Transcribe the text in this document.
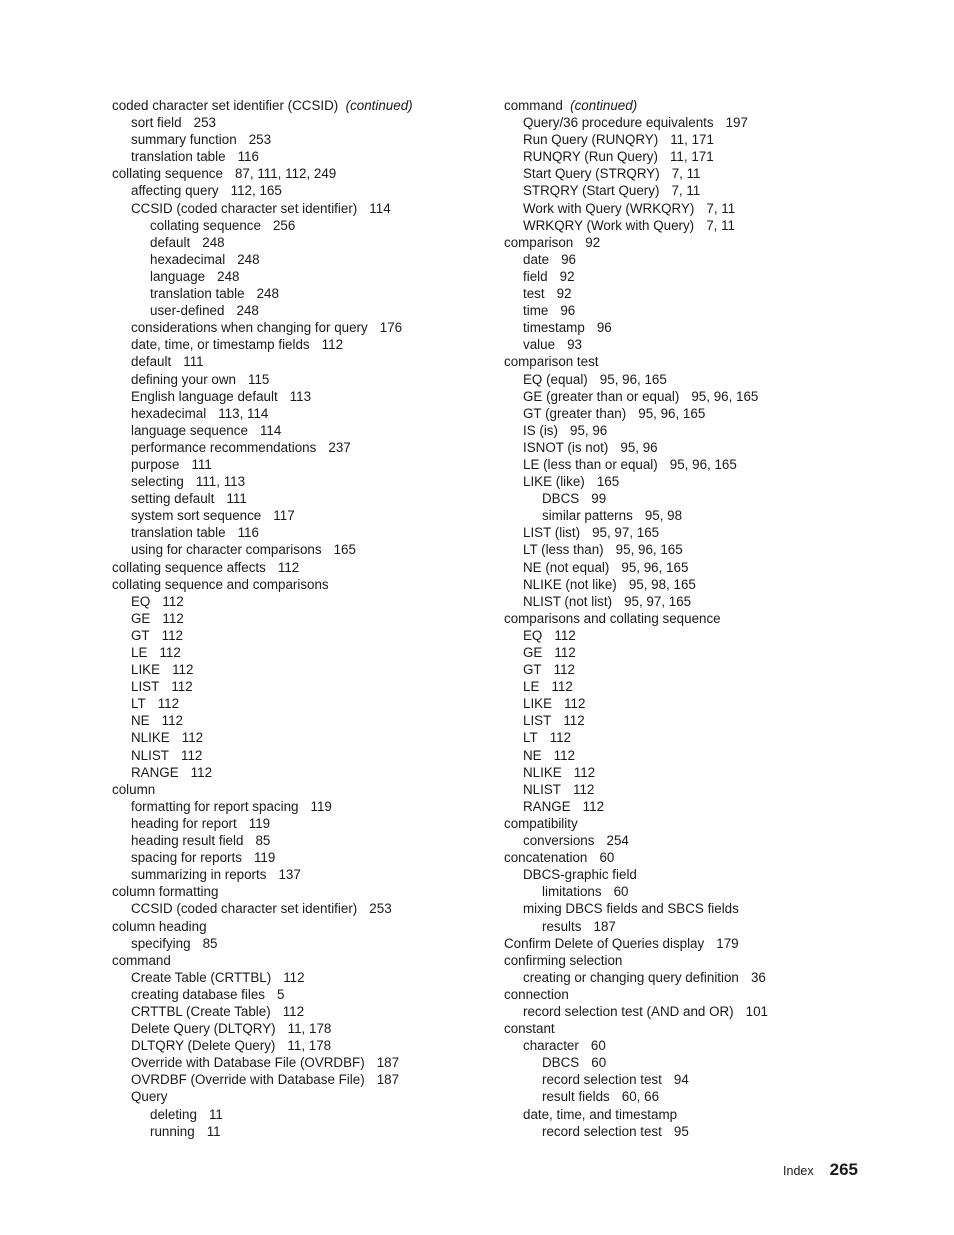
coded character set identifier (CCSID) (continued)
sort field 253
summary function 253
translation table 116
collating sequence 87, 111, 112, 249
affecting query 112, 165
CCSID (coded character set identifier) 114
collating sequence 256
default 248
hexadecimal 248
language 248
translation table 248
user-defined 248
considerations when changing for query 176
date, time, or timestamp fields 112
default 111
defining your own 115
English language default 113
hexadecimal 113, 114
language sequence 114
performance recommendations 237
purpose 111
selecting 111, 113
setting default 111
system sort sequence 117
translation table 116
using for character comparisons 165
collating sequence affects 112
collating sequence and comparisons
EQ 112
GE 112
GT 112
LE 112
LIKE 112
LIST 112
LT 112
NE 112
NLIKE 112
NLIST 112
RANGE 112
column
formatting for report spacing 119
heading for report 119
heading result field 85
spacing for reports 119
summarizing in reports 137
column formatting
CCSID (coded character set identifier) 253
column heading
specifying 85
command
Create Table (CRTTBL) 112
creating database files 5
CRTTBL (Create Table) 112
Delete Query (DLTQRY) 11, 178
DLTQRY (Delete Query) 11, 178
Override with Database File (OVRDBF) 187
OVRDBF (Override with Database File) 187
Query
deleting 11
running 11
command (continued)
Query/36 procedure equivalents 197
Run Query (RUNQRY) 11, 171
RUNQRY (Run Query) 11, 171
Start Query (STRQRY) 7, 11
STRQRY (Start Query) 7, 11
Work with Query (WRKQRY) 7, 11
WRKQRY (Work with Query) 7, 11
comparison 92
date 96
field 92
test 92
time 96
timestamp 96
value 93
comparison test
EQ (equal) 95, 96, 165
GE (greater than or equal) 95, 96, 165
GT (greater than) 95, 96, 165
IS (is) 95, 96
ISNOT (is not) 95, 96
LE (less than or equal) 95, 96, 165
LIKE (like) 165
DBCS 99
similar patterns 95, 98
LIST (list) 95, 97, 165
LT (less than) 95, 96, 165
NE (not equal) 95, 96, 165
NLIKE (not like) 95, 98, 165
NLIST (not list) 95, 97, 165
comparisons and collating sequence
EQ 112
GE 112
GT 112
LE 112
LIKE 112
LIST 112
LT 112
NE 112
NLIKE 112
NLIST 112
RANGE 112
compatibility
conversions 254
concatenation 60
DBCS-graphic field
limitations 60
mixing DBCS fields and SBCS fields
results 187
Confirm Delete of Queries display 179
confirming selection
creating or changing query definition 36
connection
record selection test (AND and OR) 101
constant
character 60
DBCS 60
record selection test 94
result fields 60, 66
date, time, and timestamp
record selection test 95
Index 265
